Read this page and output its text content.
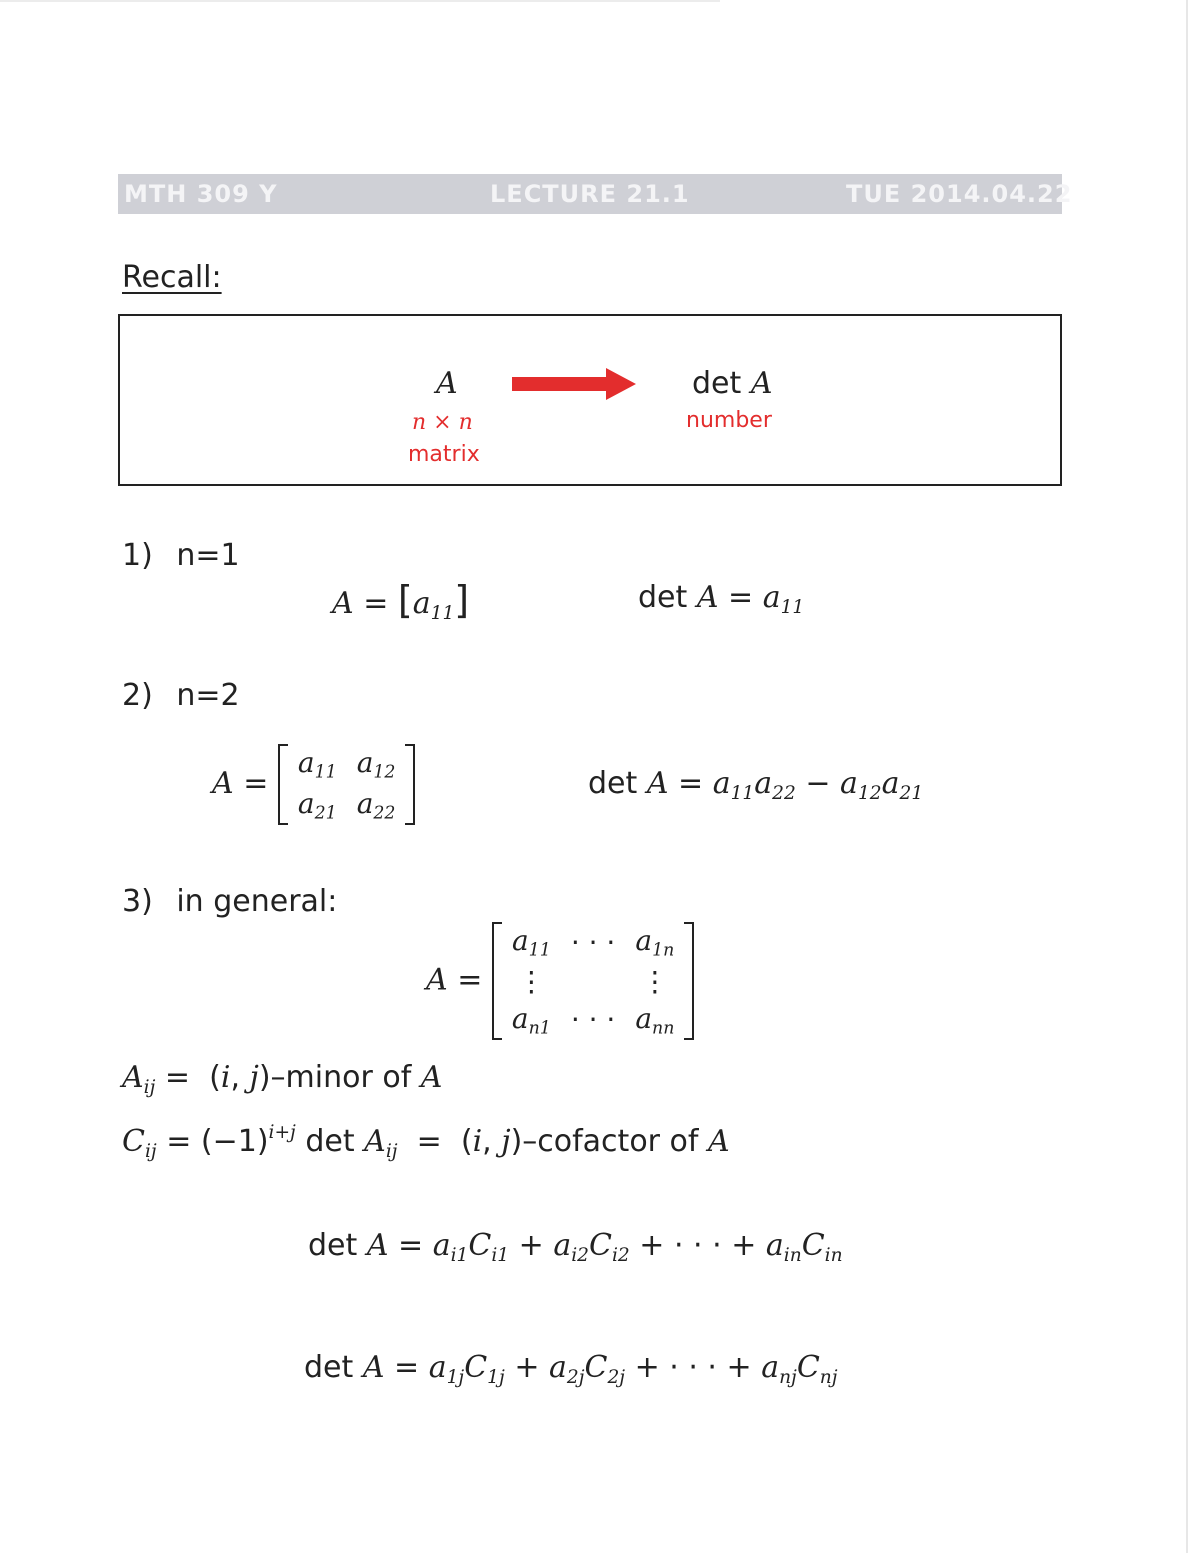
MTH 309 Y	LECTURE 21.1	TUE 2014.04.22
Recall:
A
n × n
matrix
det A
number
1) n=1
$A = [a_{11}]$	$\det A = a_{11}$
2) n=2
A =
$a_{11}$	$a_{12}$
$a_{21}$	$a_{22}$
$\det A = a_{11}a_{22} - a_{12}a_{21}$
3) in general:
A =
$a_{11}$	· · ·	$a_{1n}$
⋮		⋮
$a_{n1}$	· · ·	$a_{nn}$
$A_{ij} = (i$, j)–minor of A
$C_{ij} = (-1)^{i+j}$ $\det A_{ij} = (i$, j)–cofactor of A
$\det A = a_{i1}C_{i1} + a_{i2}C_{i2}$ + · · · + $a_{in}C_{in}$
$\det A = a_{1j}C_{1j} + a_{2j}C_{2j}$ + · · · + $a_{nj}C_{nj}$
